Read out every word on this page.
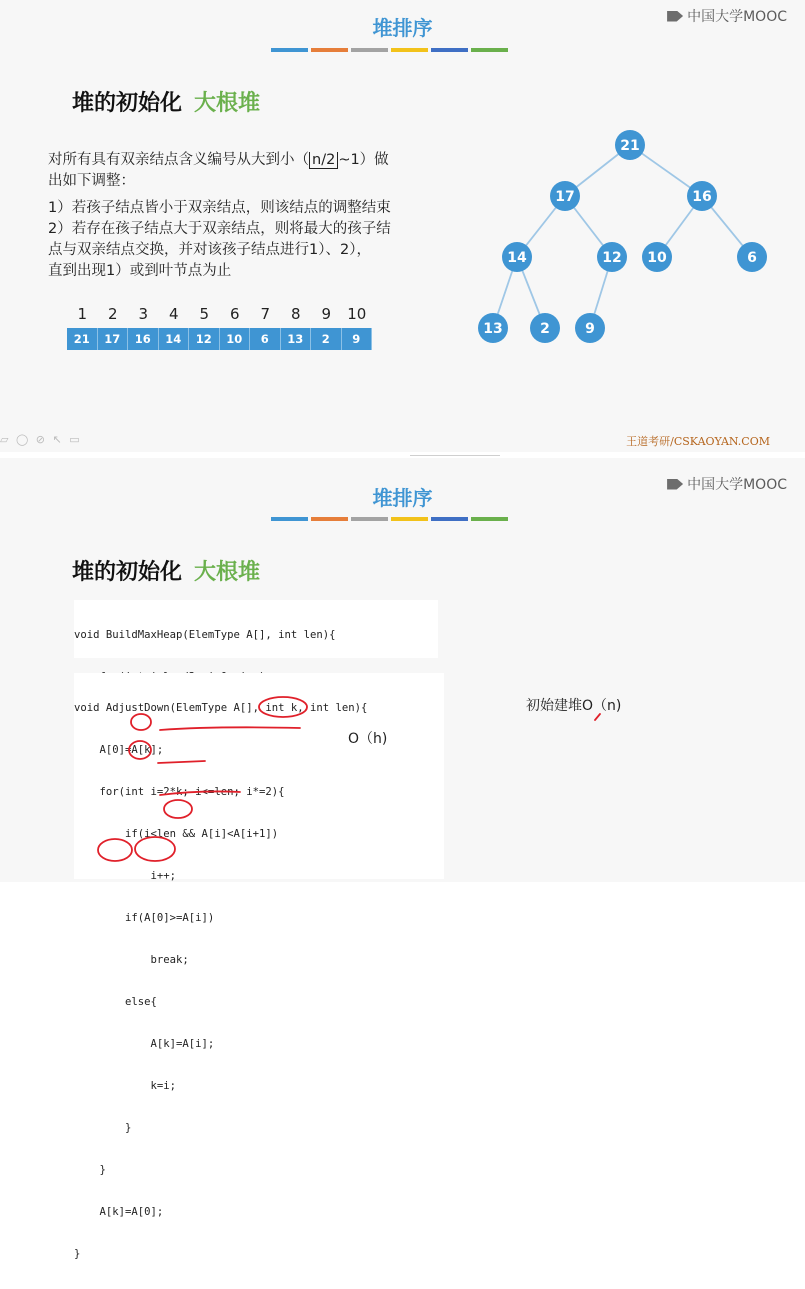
堆排序	中国大学MOOC
堆的初始化 大根堆
对所有具有双亲结点含义编号从大到小（ n/2 ~1）做
出如下调整：
1）若孩子结点皆小于双亲结点，则该结点的调整结束
2）若存在孩子结点大于双亲结点，则将最大的孩子结
点与双亲结点交换，并对该孩子结点进行1）、2），
直到出现1）或到叶节点为止
1	2	3	4	5	6	7	8	9	10
21	17	16	14	12	10	6	13	2	9
21
17	16
14	12 10	6
13	2	9
▱ ◯ ⊘ ↖ ▭	王道考研/CSKAOYAN.COM
堆排序
中国大学MOOC
堆的初始化 大根堆

void BuildMaxHeap(ElemType A[], int len){

void AdjustDown(ElemType A[], int k, int len){

A[0]=A[k];

for(int i=2*k; i<=len; i*=2){

if(i<len && A[i]<A[i+1])

i++;

if(A[0]>=A[i])

break;

else{

A[k]=A[i];

k=i;

}

}

A[k]=A[0];

}

O（h)
初始建堆O（n)
